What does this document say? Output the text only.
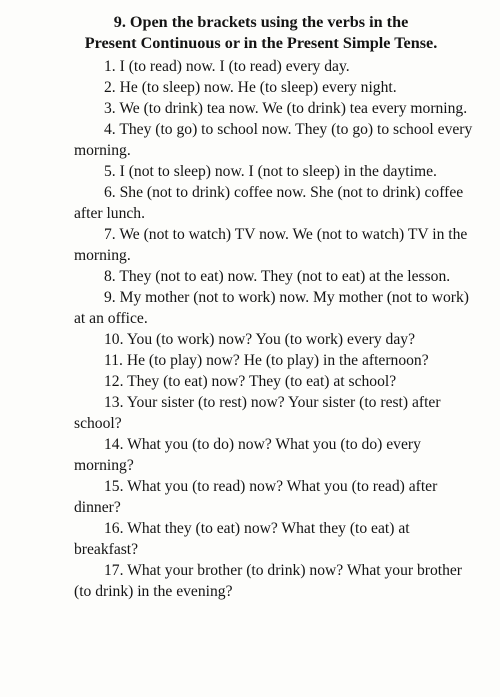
9. Open the brackets using the verbs in the
Present Continuous or in the Present Simple Tense.
1. I (to read) now. I (to read) every day.
2. He (to sleep) now. He (to sleep) every night.
3. We (to drink) tea now. We (to drink) tea every morning.
4. They (to go) to school now. They (to go) to school every morning.
5. I (not to sleep) now. I (not to sleep) in the daytime.
6. She (not to drink) coffee now. She (not to drink) coffee after lunch.
7. We (not to watch) TV now. We (not to watch) TV in the morning.
8. They (not to eat) now. They (not to eat) at the lesson.
9. My mother (not to work) now. My mother (not to work) at an office.
10. You (to work) now? You (to work) every day?
11. He (to play) now? He (to play) in the afternoon?
12. They (to eat) now? They (to eat) at school?
13. Your sister (to rest) now? Your sister (to rest) after school?
14. What you (to do) now? What you (to do) every morning?
15. What you (to read) now? What you (to read) after dinner?
16. What they (to eat) now? What they (to eat) at breakfast?
17. What your brother (to drink) now? What your brother (to drink) in the evening?
